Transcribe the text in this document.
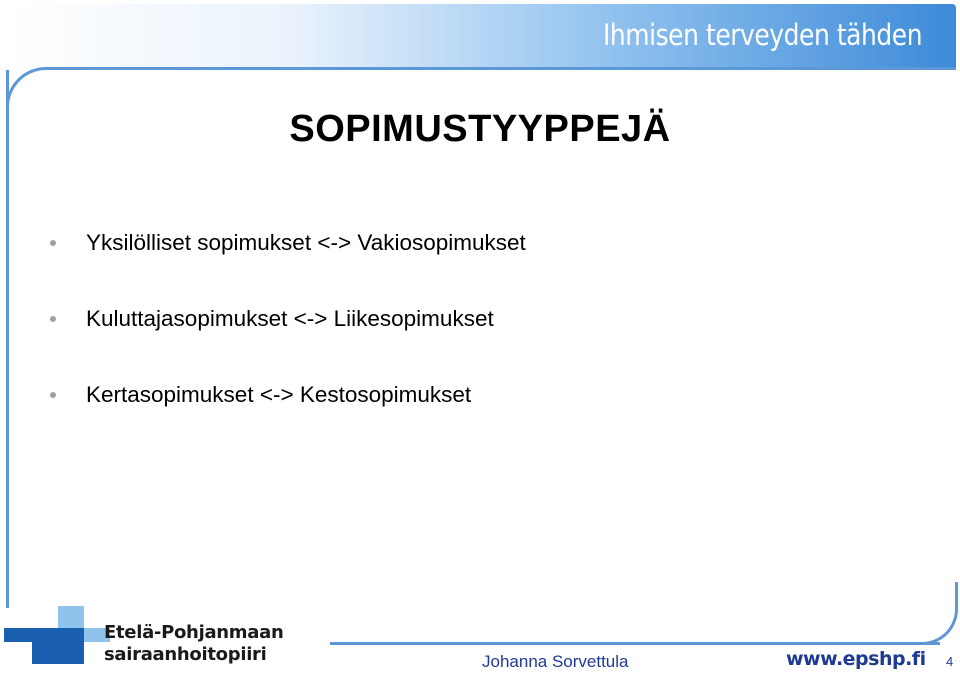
Ihmisen terveyden tähden
SOPIMUSTYYPPEJÄ
Yksilölliset sopimukset <-> Vakiosopimukset
Kuluttajasopimukset <-> Liikesopimukset
Kertasopimukset <-> Kestosopimukset
Etelä-Pohjanmaan
sairaanhoitopiiri	Johanna Sorvettula	www.epshp.fi 4
